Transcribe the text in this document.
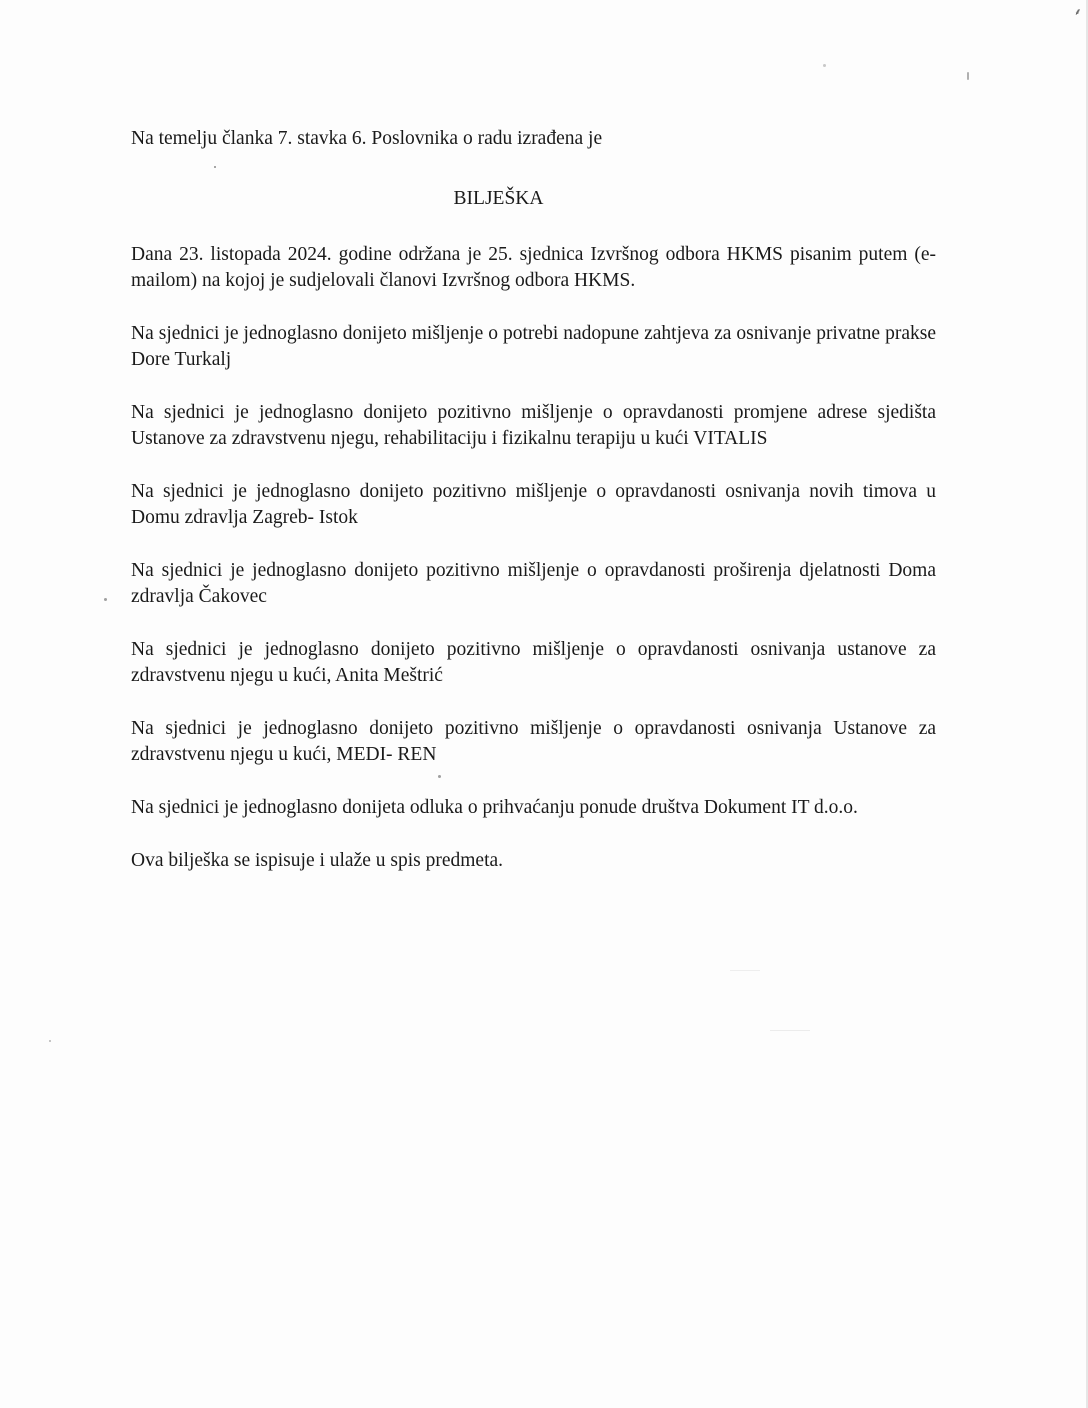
⸙

Na temelju članka 7. stavka 6. Poslovnika o radu izrađena je

BILJEŠKA

Dana 23. listopada 2024. godine održana je 25. sjednica Izvršnog odbora HKMS pisanim putem (e-mailom) na kojoj je sudjelovali članovi Izvršnog odbora HKMS.

Na sjednici je jednoglasno donijeto mišljenje o potrebi nadopune zahtjeva za osnivanje privatne prakse Dore Turkalj

Na sjednici je jednoglasno donijeto pozitivno mišljenje o opravdanosti promjene adrese sjedišta Ustanove za zdravstvenu njegu, rehabilitaciju i fizikalnu terapiju u kući VITALIS

Na sjednici je jednoglasno donijeto pozitivno mišljenje o opravdanosti osnivanja novih timova u Domu zdravlja Zagreb- Istok

Na sjednici je jednoglasno donijeto pozitivno mišljenje o opravdanosti proširenja djelatnosti Doma zdravlja Čakovec

Na sjednici je jednoglasno donijeto pozitivno mišljenje o opravdanosti osnivanja ustanove za zdravstvenu njegu u kući, Anita Meštrić

Na sjednici je jednoglasno donijeto pozitivno mišljenje o opravdanosti osnivanja Ustanove za zdravstvenu njegu u kući, MEDI- REN

Na sjednici je jednoglasno donijeta odluka o prihvaćanju ponude društva Dokument IT d.o.o.

Ova bilješka se ispisuje i ulaže u spis predmeta.
